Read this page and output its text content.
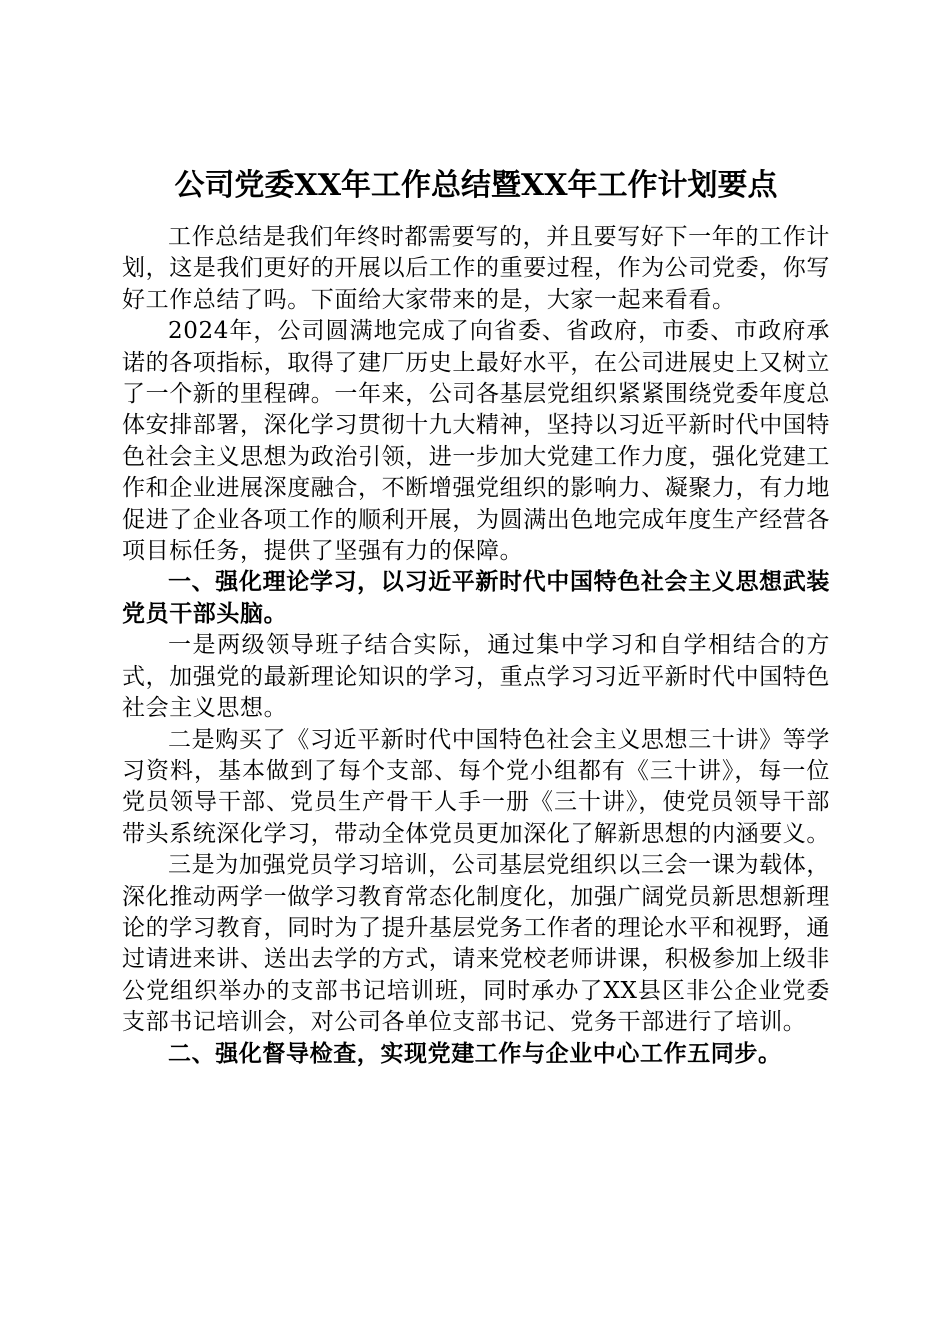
公司党委XX年工作总结暨XX年工作计划要点

工作总结是我们年终时都需要写的，并且要写好下一年的工作计划，这是我们更好的开展以后工作的重要过程，作为公司党委，你写好工作总结了吗。下面给大家带来的是，大家一起来看看。

2024年，公司圆满地完成了向省委、省政府，市委、市政府承诺的各项指标，取得了建厂历史上最好水平，在公司进展史上又树立了一个新的里程碑。一年来，公司各基层党组织紧紧围绕党委年度总体安排部署，深化学习贯彻十九大精神，坚持以习近平新时代中国特色社会主义思想为政治引领，进一步加大党建工作力度，强化党建工作和企业进展深度融合，不断增强党组织的影响力、凝聚力，有力地促进了企业各项工作的顺利开展，为圆满出色地完成年度生产经营各项目标任务，提供了坚强有力的保障。

一、强化理论学习，以习近平新时代中国特色社会主义思想武装党员干部头脑。

一是两级领导班子结合实际，通过集中学习和自学相结合的方式，加强党的最新理论知识的学习，重点学习习近平新时代中国特色社会主义思想。

二是购买了《习近平新时代中国特色社会主义思想三十讲》等学习资料，基本做到了每个支部、每个党小组都有《三十讲》，每一位党员领导干部、党员生产骨干人手一册《三十讲》，使党员领导干部带头系统深化学习，带动全体党员更加深化了解新思想的内涵要义。

三是为加强党员学习培训，公司基层党组织以三会一课为载体，深化推动两学一做学习教育常态化制度化，加强广阔党员新思想新理论的学习教育，同时为了提升基层党务工作者的理论水平和视野，通过请进来讲、送出去学的方式，请来党校老师讲课，积极参加上级非公党组织举办的支部书记培训班，同时承办了XX县区非公企业党委支部书记培训会，对公司各单位支部书记、党务干部进行了培训。

二、强化督导检查，实现党建工作与企业中心工作五同步。
